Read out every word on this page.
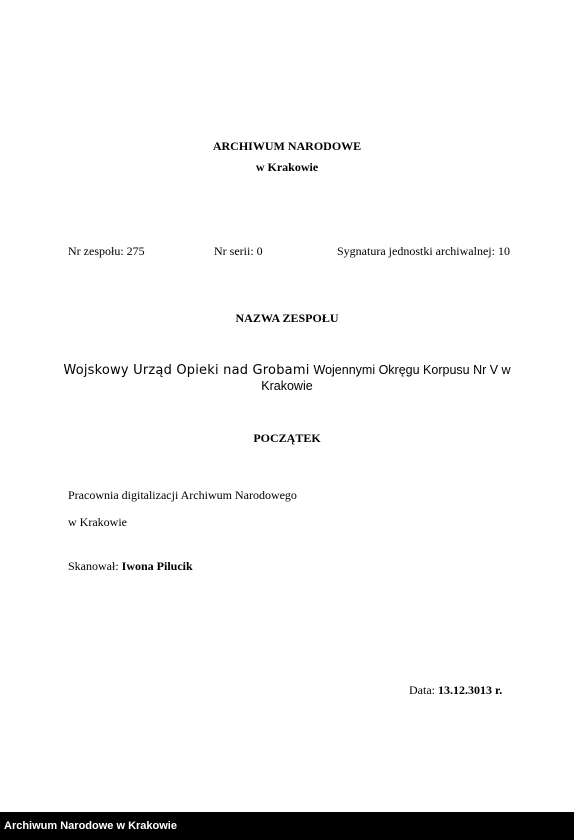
ARCHIWUM NARODOWE
w Krakowie
Nr zespołu: 275	Nr serii: 0	Sygnatura jednostki archiwalnej: 10
NAZWA ZESPOŁU
Wojskowy Urząd Opieki nad Grobami Wojennymi Okręgu Korpusu Nr V w Krakowie
POCZĄTEK
Pracownia digitalizacji Archiwum Narodowego
w Krakowie
Skanował: Iwona Pilucik
Data: 13.12.3013 r.
Archiwum Narodowe w Krakowie
